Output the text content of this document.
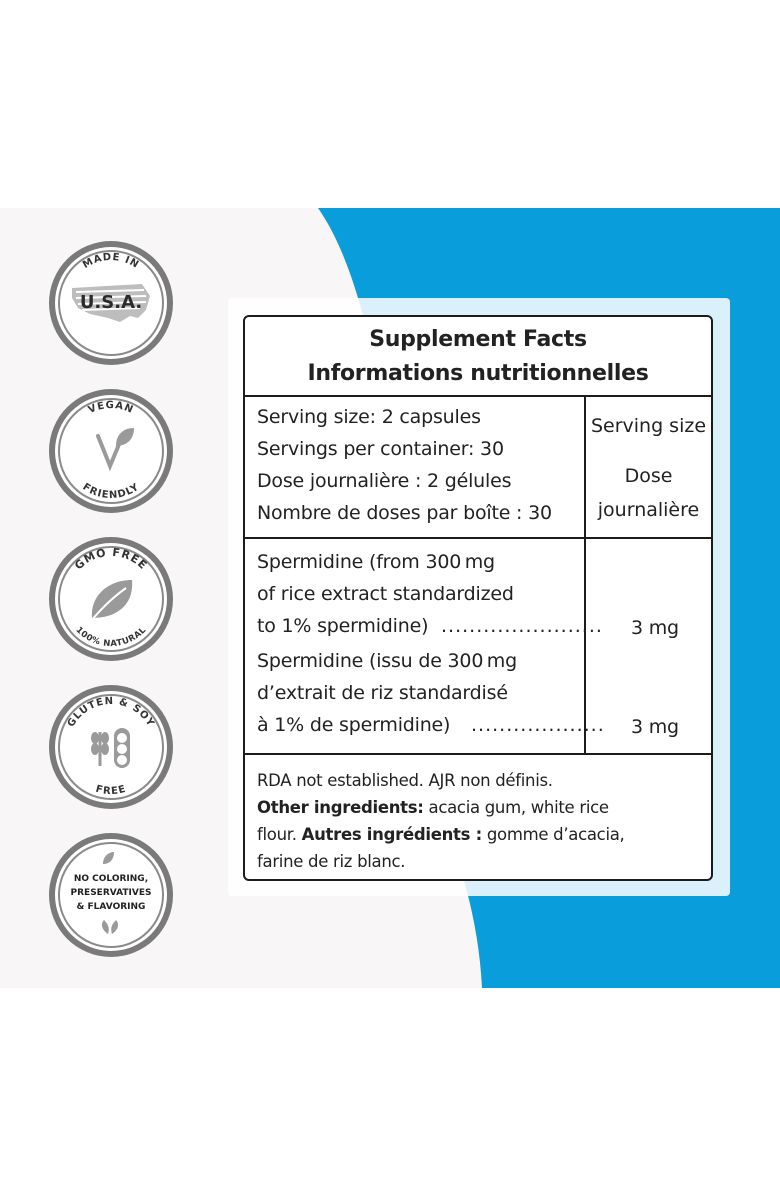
MADE IN
U.S.A.
VEGAN
FRIENDLY
GMO FREE
100% NATURAL
GLUTEN & SOY
FREE
NO COLORING,
PRESERVATIVES
& FLAVORING
Supplement Facts
Informations nutritionnelles
Serving size: 2 capsules
Servings per container: 30
Dose journalière : 2 gélules
Nombre de doses par boîte : 30
Serving size
Dose
journalière
Spermidine (from 300 mg
of rice extract standardized
to 1% spermidine) ....................... 3 mg
Spermidine (issu de 300 mg
d’extrait de riz standardisé
à 1% de spermidine) ................... 3 mg
RDA not established. AJR non définis.
Other ingredients: acacia gum, white rice
flour. Autres ingrédients : gomme d’acacia,
farine de riz blanc.
